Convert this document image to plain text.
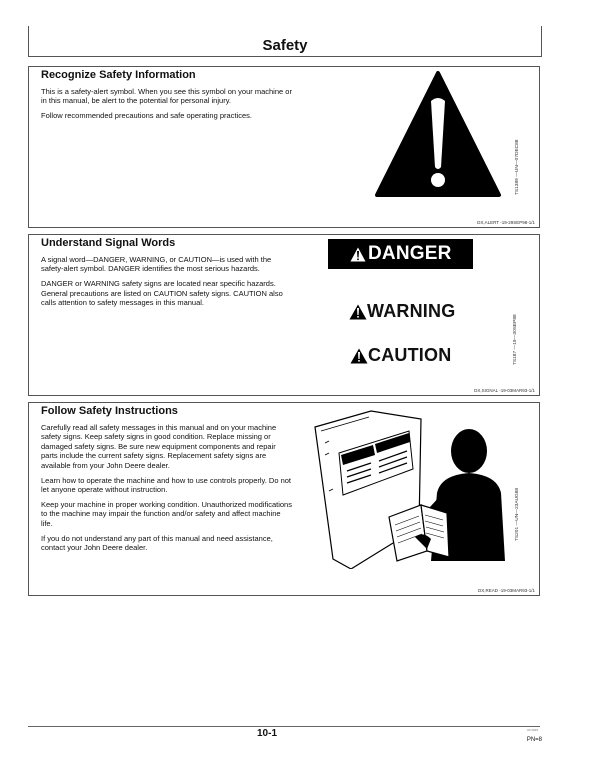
Safety
Recognize Safety Information

This is a safety-alert symbol. When you see this symbol on your machine or in this manual, be alert to the potential for personal injury.

Follow recommended precautions and safe operating practices.

TS1389 —UN—07DEC88
DX,ALERT -19-29SEP98-1/1
Understand Signal Words

A signal word—DANGER, WARNING, or CAUTION—is used with the safety-alert symbol. DANGER identifies the most serious hazards.

DANGER or WARNING safety signs are located near specific hazards. General precautions are listed on CAUTION safety signs. CAUTION also calls attention to safety messages in this manual.

DANGER
WARNING
CAUTION	TS187 —19—30SEP88
DX,SIGNAL -19-03MAR93-1/1
Follow Safety Instructions

Carefully read all safety messages in this manual and on your machine safety signs. Keep safety signs in good condition. Replace missing or damaged safety signs. Be sure new equipment components and repair parts include the current safety signs. Replacement safety signs are available from your John Deere dealer.

Learn how to operate the machine and how to use controls properly. Do not let anyone operate without instruction.

Keep your machine in proper working condition. Unauthorized modifications to the machine may impair the function and/or safety and affect machine life.

If you do not understand any part of this manual and need assistance, contact your John Deere dealer.

TS201 —UN—23AUG88
DX,READ -19-03MAR93-1/1
10-1	00 3029
PN=8
